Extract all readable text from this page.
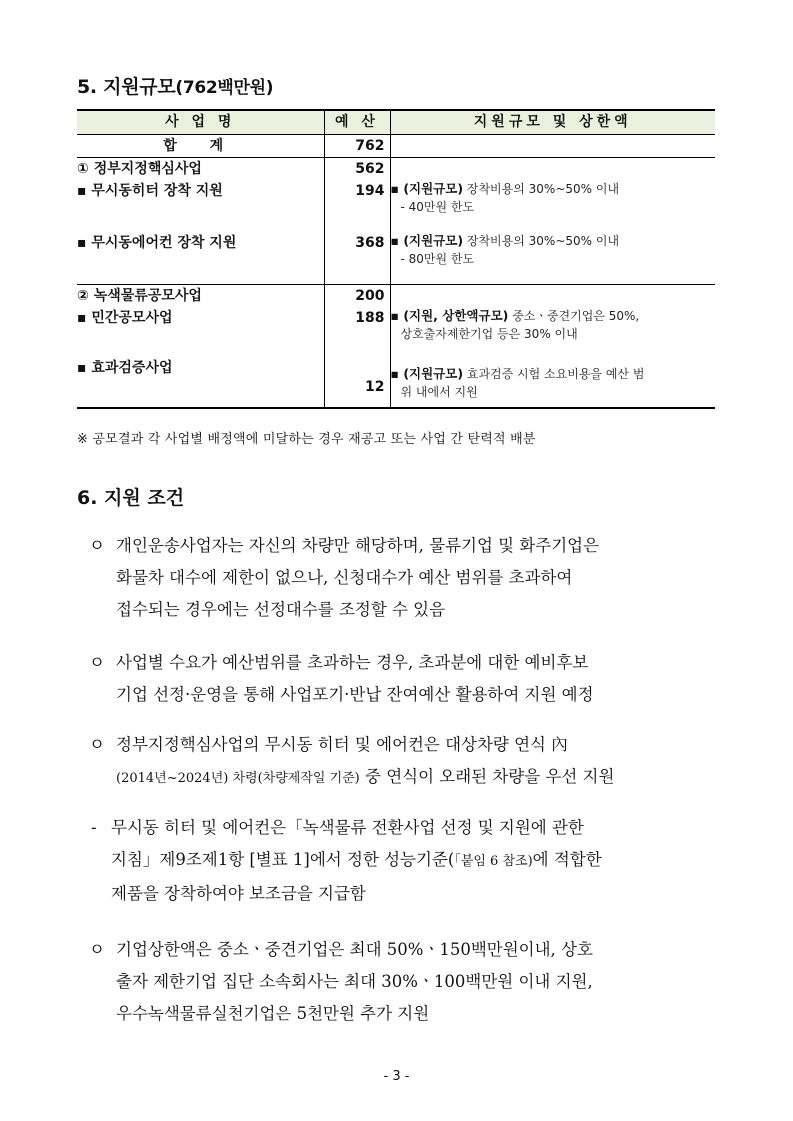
5. 지원규모(762백만원)
사 업 명	예 산	지원규모 및 상한액
합 계	762	
① 정부지정핵심사업	562	
▪ 무시동히터 장착 지원	194	▪ (지원규모) 장착비용의 30%~50% 이내
- 40만원 한도

▪ 무시동에어컨 장착 지원	368	▪ (지원규모) 장착비용의 30%~50% 이내
- 80만원 한도

② 녹색물류공모사업	200	
▪ 민간공모사업	188	▪ (지원, 상한액규모) 중소ㆍ중견기업은 50%,
상호출자제한기업 등은 30% 이내

▪ 효과검증사업	12	▪ (지원규모) 효과검증 시험 소요비용을 예산 범
위 내에서 지원
※ 공모결과 각 사업별 배정액에 미달하는 경우 재공고 또는 사업 간 탄력적 배분
6. 지원 조건
ㅇ 개인운송사업자는 자신의 차량만 해당하며, 물류기업 및 화주기업은
화물차 대수에 제한이 없으나, 신청대수가 예산 범위를 초과하여
접수되는 경우에는 선정대수를 조정할 수 있음
ㅇ 사업별 수요가 예산범위를 초과하는 경우, 초과분에 대한 예비후보
기업 선정·운영을 통해 사업포기·반납 잔여예산 활용하여 지원 예정
ㅇ 정부지정핵심사업의 무시동 히터 및 에어컨은 대상차량 연식 內
(2014년~2024년) 차령(차량제작일 기준) 중 연식이 오래된 차량을 우선 지원
- 무시동 히터 및 에어컨은「녹색물류 전환사업 선정 및 지원에 관한
지침」제9조제1항 [별표 1]에서 정한 성능기준(「붙임 6 참조)에 적합한
제품을 장착하여야 보조금을 지급함
ㅇ 기업상한액은 중소ㆍ중견기업은 최대 50%ㆍ150백만원이내, 상호
출자 제한기업 집단 소속회사는 최대 30%ㆍ100백만원 이내 지원,
우수녹색물류실천기업은 5천만원 추가 지원
- 3 -
